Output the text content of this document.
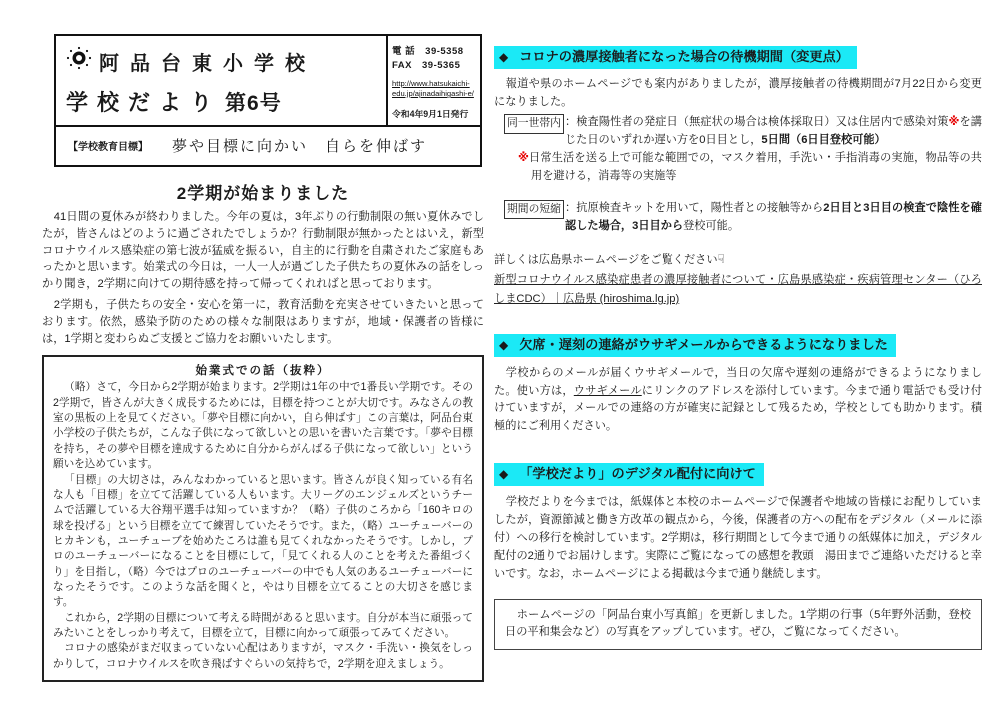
阿品台東小学校
学校だより 第6号
電 話　 39-5358
FAX　 39-5365
http://www.hatsukaichi-
edu.jp/ajinadaihigashi-e/
令和4年9月1日発行
【学校教育目標】 夢や目標に向かい　自らを伸ばす
2学期が始まりました

41日間の夏休みが終わりました。今年の夏は，3年ぶりの行動制限の無い夏休みでしたが，皆さんはどのように過ごされたでしょうか？行動制限が無かったとはいえ，新型コロナウイルス感染症の第七波が猛威を振るい，自主的に行動を自粛されたご家庭もあったかと思います。始業式の今日は，一人一人が過ごした子供たちの夏休みの話をしっかり聞き，2学期に向けての期待感を持って帰ってくれればと思っております。

2学期も，子供たちの安全・安心を第一に，教育活動を充実させていきたいと思っております。依然，感染予防のための様々な制限はありますが，地域・保護者の皆様には，1学期と変わらぬご支援とご協力をお願いいたします。

始業式での話（抜粋）

（略）さて，今日から2学期が始まります。2学期は1年の中で1番長い学期です。その2学期で，皆さんが大きく成長するためには，目標を持つことが大切です。みなさんの教室の黒板の上を見てください。「夢や目標に向かい，自ら伸ばす」この言葉は，阿品台東小学校の子供たちが，こんな子供になって欲しいとの思いを書いた言葉です。「夢や目標を持ち，その夢や目標を達成するために自分からがんばる子供になって欲しい」という願いを込めています。

「目標」の大切さは，みんなわかっていると思います。皆さんが良く知っている有名な人も「目標」を立てて活躍している人もいます。大リーグのエンジェルズというチームで活躍している大谷翔平選手は知っていますか？（略）子供のころから「160キロの球を投げる」という目標を立てて練習していたそうです。また，（略）ユーチューバーのヒカキンも，ユーチューブを始めたころは誰も見てくれなかったそうです。しかし，プロのユーチューバーになることを目標にして，「見てくれる人のことを考えた番組づくり」を目指し，（略）今ではプロのユーチューバーの中でも人気のあるユーチューバーになったそうです。このような話を聞くと，やはり目標を立てることの大切さを感じます。

これから，2学期の目標について考える時間があると思います。自分が本当に頑張ってみたいことをしっかり考えて，目標を立て，目標に向かって頑張ってみてください。

コロナの感染がまだ収まっていない心配はありますが，マスク・手洗い・換気をしっかりして，コロナウイルスを吹き飛ばすぐらいの気持ちで，2学期を迎えましょう。

◆ コロナの濃厚接触者になった場合の待機期間（変更点）

報道や県のホームページでも案内がありましたが，濃厚接触者の待機期間が7月22日から変更になりました。

同一世帯内 ：検査陽性者の発症日（無症状の場合は検体採取日）又は住居内で感染対策※を講じた日のいずれか遅い方を0日目とし，5日間（6日目登校可能）
※日常生活を送る上で可能な範囲での，マスク着用，手洗い・手指消毒の実施，物品等の共用を避ける，消毒等の実施等
期間の短縮 ：抗原検査キットを用いて，陽性者との接触等から2日目と3日目の検査で陰性を確認した場合，3日目から登校可能。

詳しくは広島県ホームページをご覧ください☟

新型コロナウイルス感染症患者の濃厚接触者について・広島県感染症・疾病管理センター（ひろしまCDC）｜広島県 (hiroshima.lg.jp)
◆ 欠席・遅刻の連絡がウサギメールからできるようになりました

学校からのメールが届くウサギメールで，当日の欠席や遅刻の連絡ができるようになりました。使い方は，ウサギメールにリンクのアドレスを添付しています。今まで通り電話でも受け付けていますが，メールでの連絡の方が確実に記録として残るため，学校としても助かります。積極的にご利用ください。

◆ 「学校だより」のデジタル配付に向けて

学校だよりを今までは，紙媒体と本校のホームページで保護者や地域の皆様にお配りしていましたが，資源節減と働き方改革の観点から，今後，保護者の方への配布をデジタル（メールに添付）への移行を検討しています。2学期は，移行期間として今まで通りの紙媒体に加え，デジタル配付の2通りでお届けします。実際にご覧になっての感想を教頭　湯田までご連絡いただけると幸いです。なお，ホームページによる掲載は今まで通り継続します。

ホームページの「阿品台東小写真館」を更新しました。1学期の行事（5年野外活動，登校日の平和集会など）の写真をアップしています。ぜひ，ご覧になってください。
